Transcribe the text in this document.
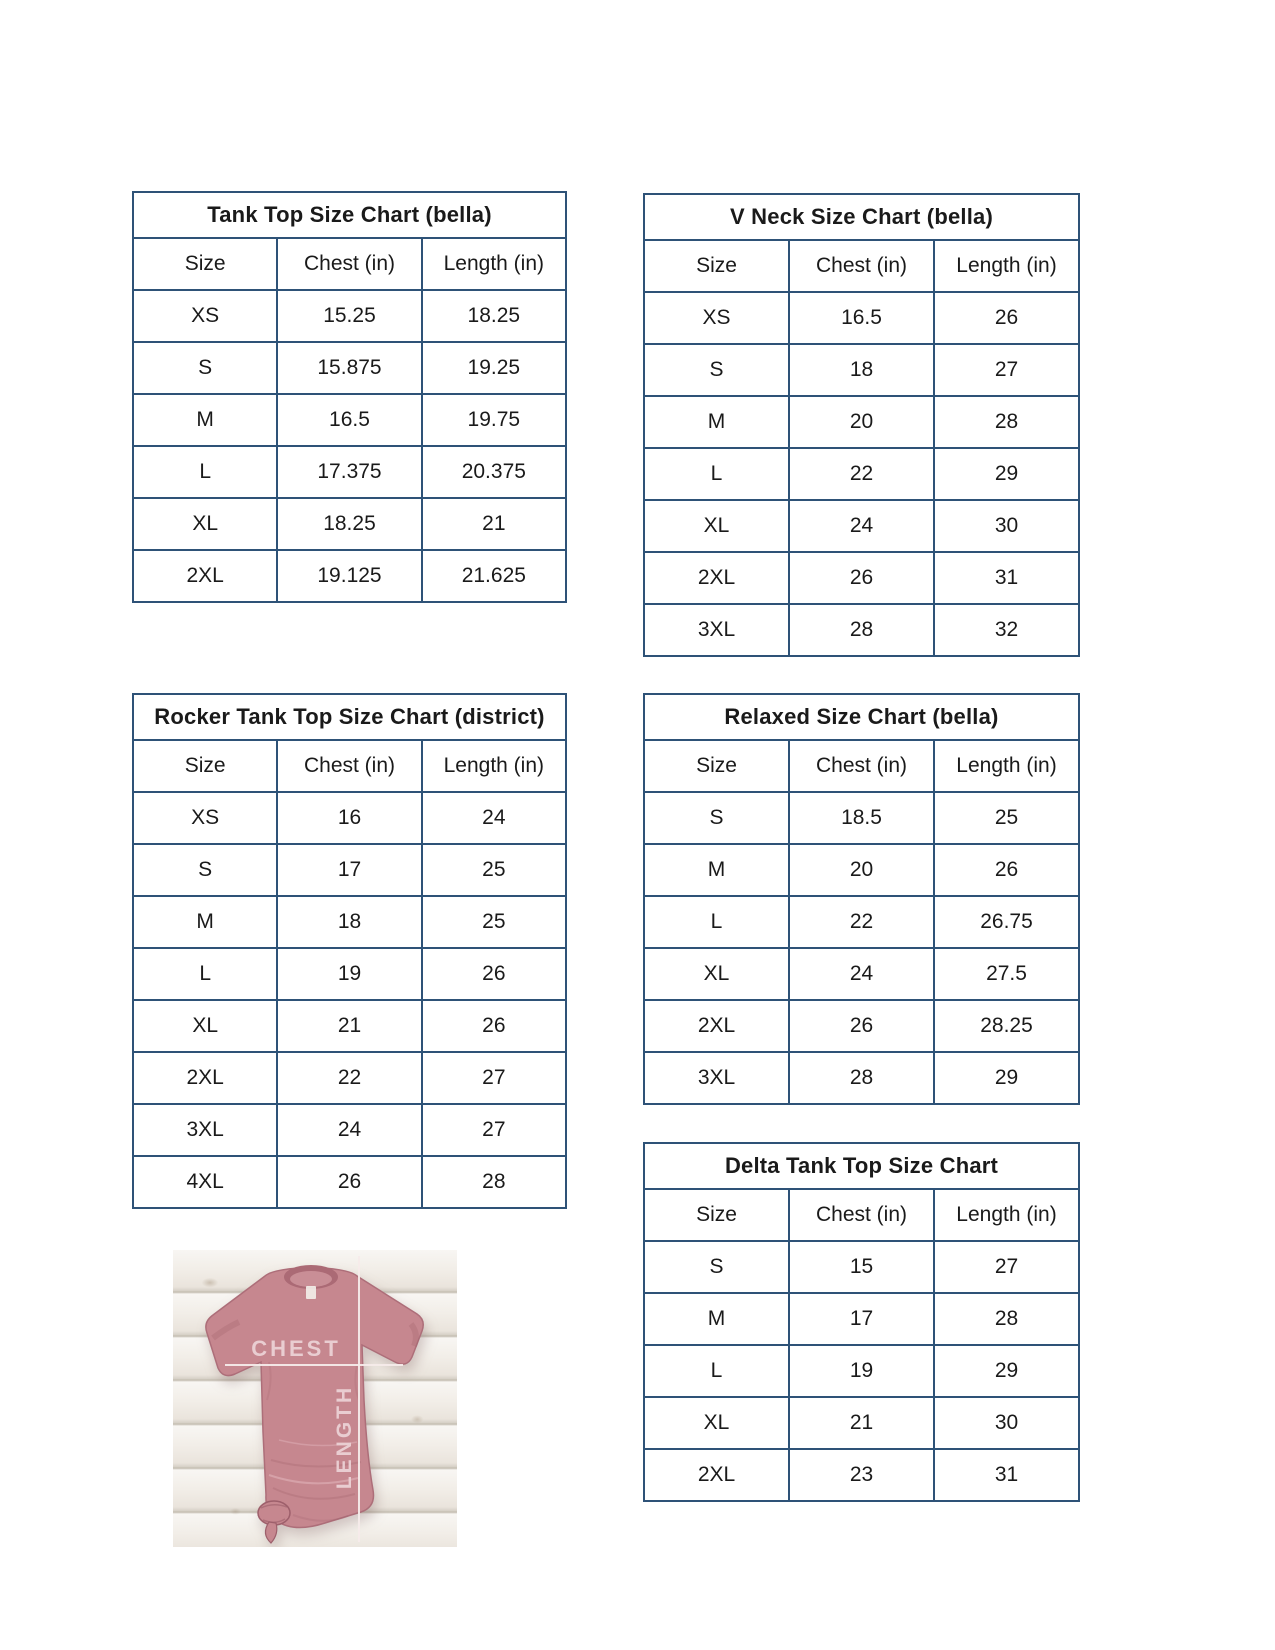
Tank Top Size Chart (bella)
Size	Chest (in)	Length (in)
XS	15.25	18.25
S	15.875	19.25
M	16.5	19.75
L	17.375	20.375
XL	18.25	21
2XL	19.125	21.625
V Neck Size Chart (bella)
Size	Chest (in)	Length (in)
XS	16.5	26
S	18	27
M	20	28
L	22	29
XL	24	30
2XL	26	31
3XL	28	32
Rocker Tank Top Size Chart (district)
Size	Chest (in)	Length (in)
XS	16	24
S	17	25
M	18	25
L	19	26
XL	21	26
2XL	22	27
3XL	24	27
4XL	26	28
Relaxed Size Chart (bella)
Size	Chest (in)	Length (in)
S	18.5	25
M	20	26
L	22	26.75
XL	24	27.5
2XL	26	28.25
3XL	28	29
Delta Tank Top Size Chart
Size	Chest (in)	Length (in)
S	15	27
M	17	28
L	19	29
XL	21	30
2XL	23	31
CHEST
LENGTH
